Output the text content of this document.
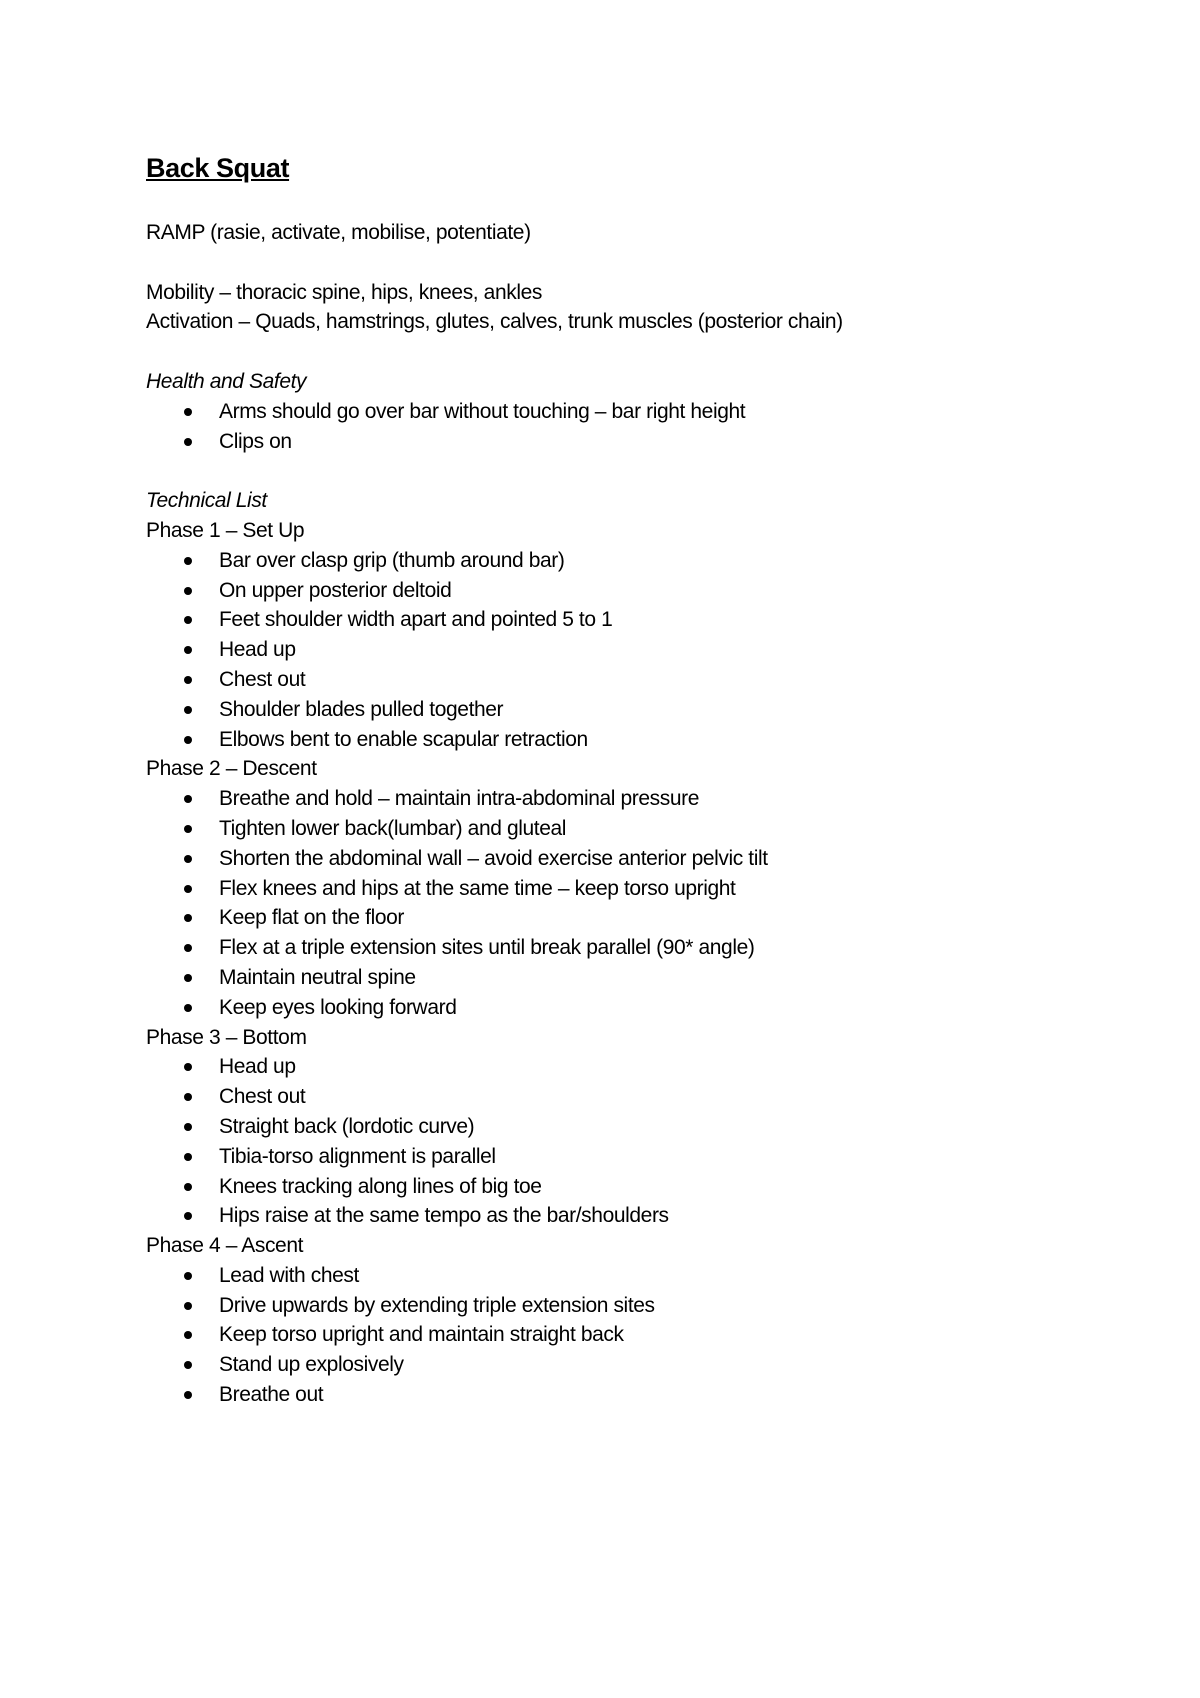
Back Squat

RAMP (rasie, activate, mobilise, potentiate)

Mobility – thoracic spine, hips, knees, ankles

Activation – Quads, hamstrings, glutes, calves, trunk muscles (posterior chain)

Health and Safety

Arms should go over bar without touching – bar right height
Clips on

Technical List

Phase 1 – Set Up

Bar over clasp grip (thumb around bar)
On upper posterior deltoid
Feet shoulder width apart and pointed 5 to 1
Head up
Chest out
Shoulder blades pulled together
Elbows bent to enable scapular retraction

Phase 2 – Descent

Breathe and hold – maintain intra-abdominal pressure
Tighten lower back(lumbar) and gluteal
Shorten the abdominal wall – avoid exercise anterior pelvic tilt
Flex knees and hips at the same time – keep torso upright
Keep flat on the floor
Flex at a triple extension sites until break parallel (90* angle)
Maintain neutral spine
Keep eyes looking forward

Phase 3 – Bottom

Head up
Chest out
Straight back (lordotic curve)
Tibia-torso alignment is parallel
Knees tracking along lines of big toe
Hips raise at the same tempo as the bar/shoulders

Phase 4 – Ascent

Lead with chest
Drive upwards by extending triple extension sites
Keep torso upright and maintain straight back
Stand up explosively
Breathe out
